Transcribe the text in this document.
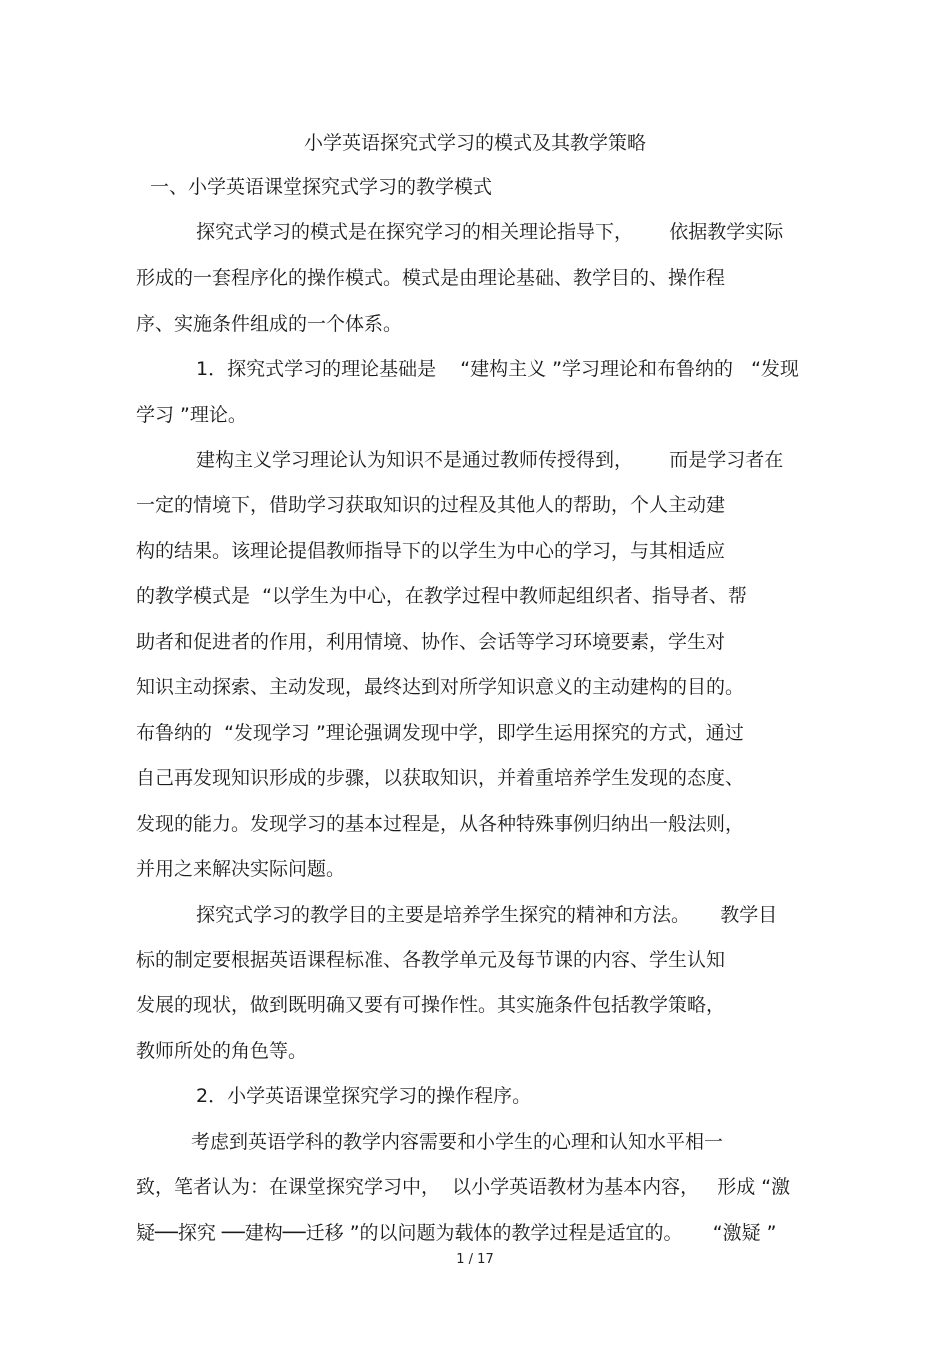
小学英语探究式学习的模式及其教学策略
一、小学英语课堂探究式学习的教学模式
探究式学习的模式是在探究学习的相关理论指导下，      依据教学实际
形成的一套程序化的操作模式。模式是由理论基础、教学目的、操作程
序、实施条件组成的一个体系。
1．探究式学习的理论基础是    “建构主义 ”学习理论和布鲁纳的   “发现
学习 ”理论。
建构主义学习理论认为知识不是通过教师传授得到，      而是学习者在
一定的情境下，借助学习获取知识的过程及其他人的帮助，个人主动建
构的结果。该理论提倡教师指导下的以学生为中心的学习，与其相适应
的教学模式是  “以学生为中心，在教学过程中教师起组织者、指导者、帮
助者和促进者的作用，利用情境、协作、会话等学习环境要素，学生对
知识主动探索、主动发现，最终达到对所学知识意义的主动建构的目的。
布鲁纳的  “发现学习 ”理论强调发现中学，即学生运用探究的方式，通过
自己再发现知识形成的步骤，以获取知识，并着重培养学生发现的态度、
发现的能力。发现学习的基本过程是，从各种特殊事例归纳出一般法则，
并用之来解决实际问题。
探究式学习的教学目的主要是培养学生探究的精神和方法。     教学目
标的制定要根据英语课程标准、各教学单元及每节课的内容、学生认知
发展的现状，做到既明确又要有可操作性。其实施条件包括教学策略，
教师所处的角色等。
2．小学英语课堂探究学习的操作程序。
考虑到英语学科的教学内容需要和小学生的心理和认知水平相一
致，笔者认为：在课堂探究学习中，  以小学英语教材为基本内容，   形成 “激
疑──探究 ──建构──迁移 ”的以问题为载体的教学过程是适宜的。     “激疑 ”
1 / 17
